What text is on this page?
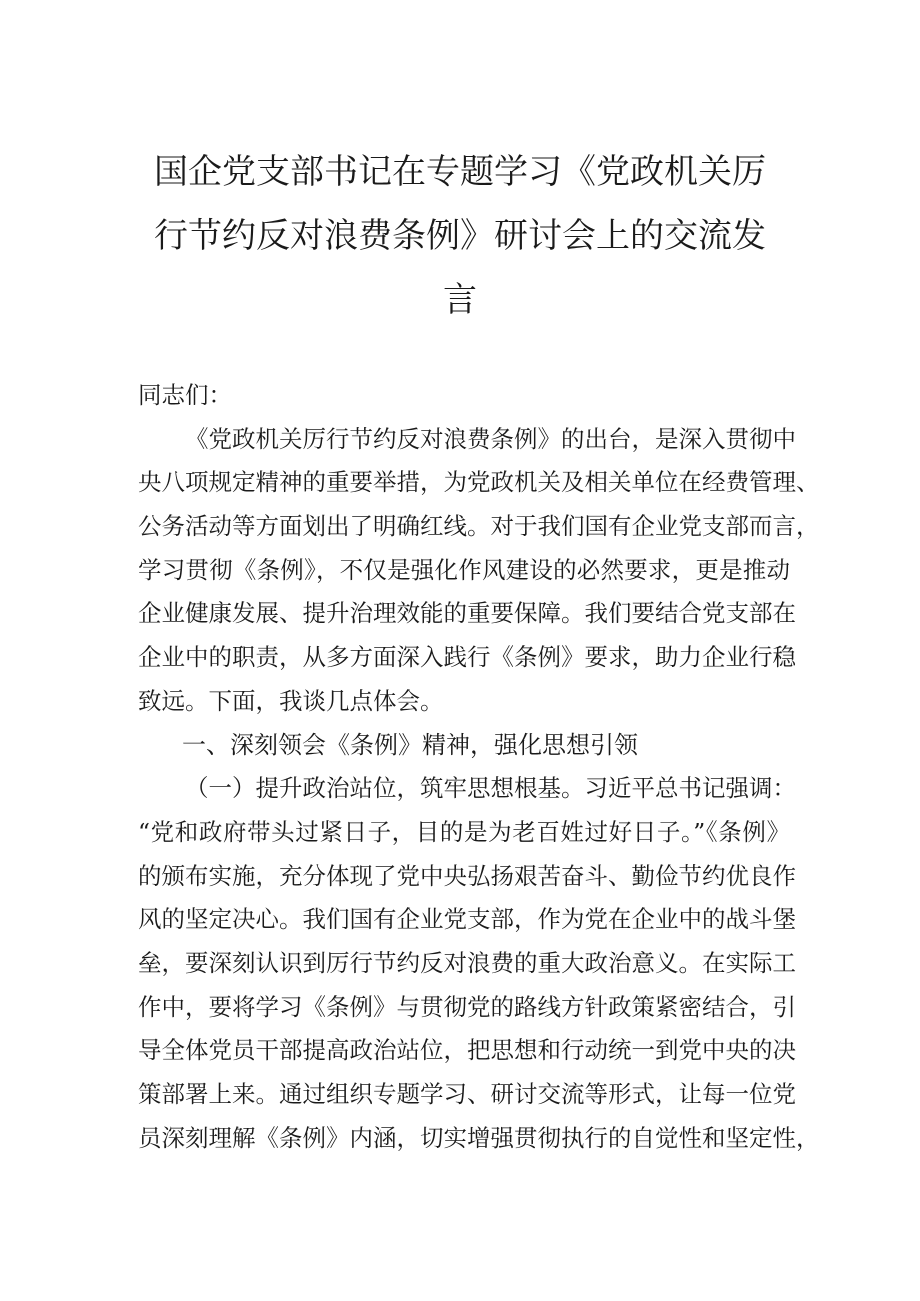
国企党支部书记在专题学习《党政机关厉
行节约反对浪费条例》研讨会上的交流发
言
同志们：
《党政机关厉行节约反对浪费条例》的出台，是深入贯彻中
央八项规定精神的重要举措，为党政机关及相关单位在经费管理、
公务活动等方面划出了明确红线。对于我们国有企业党支部而言，
学习贯彻《条例》，不仅是强化作风建设的必然要求，更是推动
企业健康发展、提升治理效能的重要保障。我们要结合党支部在
企业中的职责，从多方面深入践行《条例》要求，助力企业行稳
致远。下面，我谈几点体会。
一、深刻领会《条例》精神，强化思想引领
（一）提升政治站位，筑牢思想根基。习近平总书记强调：
“党和政府带头过紧日子，目的是为老百姓过好日子。”《条例》
的颁布实施，充分体现了党中央弘扬艰苦奋斗、勤俭节约优良作
风的坚定决心。我们国有企业党支部，作为党在企业中的战斗堡
垒，要深刻认识到厉行节约反对浪费的重大政治意义。在实际工
作中，要将学习《条例》与贯彻党的路线方针政策紧密结合，引
导全体党员干部提高政治站位，把思想和行动统一到党中央的决
策部署上来。通过组织专题学习、研讨交流等形式，让每一位党
员深刻理解《条例》内涵，切实增强贯彻执行的自觉性和坚定性，
